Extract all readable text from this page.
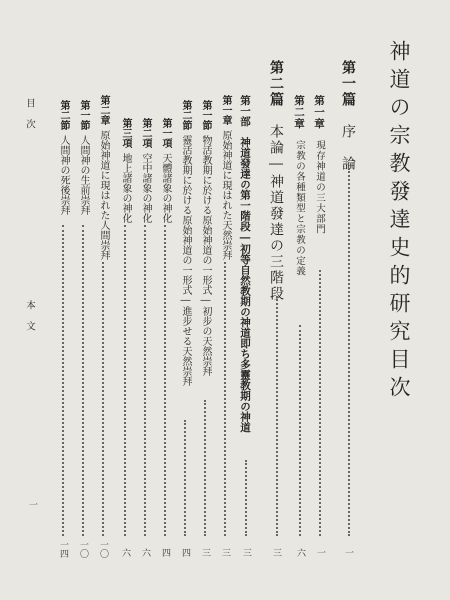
神道の宗教發達史的研究目次
第一篇　序　論
一
第一章　現存神道の三大部門
一
第二章　宗教の各種類型と宗教の定義
六
第二篇　本論―神道發達の三階段
三
第一部　神道發達の第一階段―初等自然教期の神道即ち多靈教期の神道
三
第一章原始神道に現はれた天然崇拜
三
第一節物活教期に於ける原始神道の一形式―初步の天然崇拜
三
第二節靈活教期に於ける原始神道の一形式―進步せる天然崇拜
四
第一項天體諸象の神化
四
第二項空中諸象の神化
六
第三項地上諸象の神化
六
第二章原始神道に現はれた人間崇拜
一〇
第一節人間神の生前崇拜
一〇
第二節人間神の死後崇拜
一四
目　次
本　文
一
